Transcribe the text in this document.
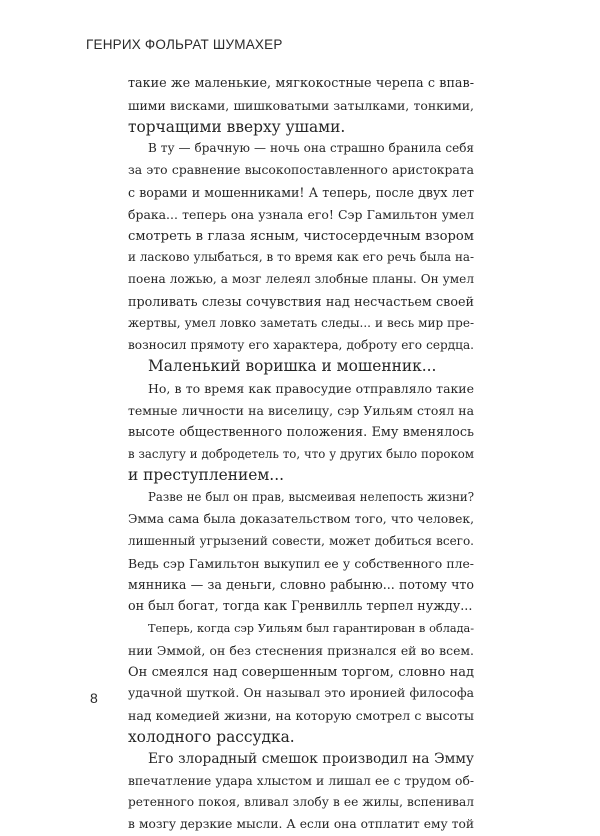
ГЕНРИХ ФОЛЬРАТ ШУМАХЕР
такие же маленькие, мягкокостные черепа с впав-
шими висками, шишковатыми затылками, тонкими,
торчащими вверху ушами.
В ту — брачную — ночь она страшно бранила себя
за это сравнение высокопоставленного аристократа
с ворами и мошенниками! А теперь, после двух лет
брака... теперь она узнала его! Сэр Гамильтон умел
смотреть в глаза ясным, чистосердечным взором
и ласково улыбаться, в то время как его речь была на-
поена ложью, а мозг лелеял злобные планы. Он умел
проливать слезы сочувствия над несчастьем своей
жертвы, умел ловко заметать следы... и весь мир пре-
возносил прямоту его характера, доброту его сердца.
Маленький воришка и мошенник...
Но, в то время как правосудие отправляло такие
темные личности на виселицу, сэр Уильям стоял на
высоте общественного положения. Ему вменялось
в заслугу и добродетель то, что у других было пороком
и преступлением...
Разве не был он прав, высмеивая нелепость жизни?
Эмма сама была доказательством того, что человек,
лишенный угрызений совести, может добиться всего.
Ведь сэр Гамильтон выкупил ее у собственного пле-
мянника — за деньги, словно рабыню... потому что
он был богат, тогда как Гренвилль терпел нужду...
Теперь, когда сэр Уильям был гарантирован в облада-
нии Эммой, он без стеснения признался ей во всем.
Он смеялся над совершенным торгом, словно над
удачной шуткой. Он называл это иронией философа
над комедией жизни, на которую смотрел с высоты
холодного рассудка.
Его злорадный смешок производил на Эмму
впечатление удара хлыстом и лишал ее с трудом об-
ретенного покоя, вливал злобу в ее жилы, вспенивал
в мозгу дерзкие мысли. А если она отплатит ему той
8
